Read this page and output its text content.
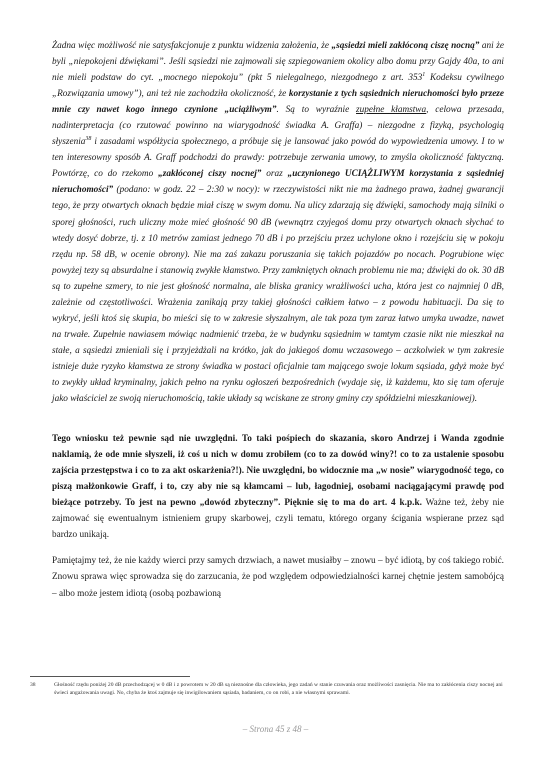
Żadna więc możliwość nie satysfakcjonuje z punktu widzenia założenia, że „sąsiedzi mieli zakłóconą ciszę nocną” ani że byli „niepokojeni dźwiękami”. Jeśli sąsiedzi nie zajmowali się szpiegowaniem okolicy albo domu przy Gajdy 40a, to ani nie mieli podstaw do cyt. „mocnego niepokoju” (pkt 5 nielegalnego, niezgodnego z art. $353^1$ Kodeksu cywilnego „Rozwiązania umowy”), ani też nie zachodziła okoliczność, że korzystanie z tych sąsiednich nieruchomości było przeze mnie czy nawet kogo innego czynione „uciążliwym”. Są to wyraźnie zupełne kłamstwa, celowa przesada, nadinterpretacja (co rzutować powinno na wiarygodność świadka A. Graffa) – niezgodne z fizyką, psychologią słyszenia$^{38}$ i zasadami współżycia społecznego, a próbuje się je lansować jako powód do wypowiedzenia umowy. I to w ten interesowny sposób A. Graff podchodzi do prawdy: potrzebuje zerwania umowy, to zmyśla okoliczność faktyczną. Powtórzę, co do rzekomo „zakłóconej ciszy nocnej” oraz „uczynionego UCIĄŻLIWYM korzystania z sąsiedniej nieruchomości” (podano: w godz. 22 – 2:30 w nocy): w rzeczywistości nikt nie ma żadnego prawa, żadnej gwarancji tego, że przy otwartych oknach będzie miał ciszę w swym domu. Na ulicy zdarzają się dźwięki, samochody mają silniki o sporej głośności, ruch uliczny może mieć głośność 90 dB (wewnątrz czyjegoś domu przy otwartych oknach słychać to wtedy dosyć dobrze, tj. z 10 metrów zamiast jednego 70 dB i po przejściu przez uchylone okno i rozejściu się w pokoju rzędu np. 58 dB, w ocenie obrony). Nie ma zaś zakazu poruszania się takich pojazdów po nocach. Pogrubione więc powyżej tezy są absurdalne i stanowią zwykłe kłamstwo. Przy zamkniętych oknach problemu nie ma; dźwięki do ok. 30 dB są to zupełne szmery, to nie jest głośność normalna, ale bliska granicy wrażliwości ucha, która jest co najmniej 0 dB, zależnie od częstotliwości. Wrażenia zanikają przy takiej głośności całkiem łatwo – z powodu habituacji. Da się to wykryć, jeśli ktoś się skupia, bo mieści się to w zakresie słyszalnym, ale tak poza tym zaraz łatwo umyka uwadze, nawet na trwałe. Zupełnie nawiasem mówiąc nadmienić trzeba, że w budynku sąsiednim w tamtym czasie nikt nie mieszkał na stałe, a sąsiedzi zmieniali się i przyjeżdżali na krótko, jak do jakiegoś domu wczasowego – aczkolwiek w tym zakresie istnieje duże ryzyko kłamstwa ze strony świadka w postaci oficjalnie tam mającego swoje lokum sąsiada, gdyż może być to zwykły układ kryminalny, jakich pełno na rynku ogłoszeń bezpośrednich (wydaje się, iż każdemu, kto się tam oferuje jako właściciel ze swoją nieruchomością, takie układy są wciskane ze strony gminy czy spółdzielni mieszkaniowej).

Tego wniosku też pewnie sąd nie uwzględni. To taki pośpiech do skazania, skoro Andrzej i Wanda zgodnie naklamią, że ode mnie słyszeli, iż coś u nich w domu zrobiłem (co to za dowód winy?! co to za ustalenie sposobu zajścia przestępstwa i co to za akt oskarżenia?!). Nie uwzględni, bo widocznie ma „w nosie” wiarygodność tego, co piszą małżonkowie Graff, i to, czy aby nie są kłamcami – lub, łagodniej, osobami naciągającymi prawdę pod bieżące potrzeby. To jest na pewno „dowód zbyteczny”. Pięknie się to ma do art. 4 k.p.k. Ważne też, żeby nie zajmować się ewentualnym istnieniem grupy skarbowej, czyli tematu, którego organy ścigania wspierane przez sąd bardzo unikają.

Pamiętajmy też, że nie każdy wierci przy samych drzwiach, a nawet musiałby – znowu – być idiotą, by coś takiego robić. Znowu sprawa więc sprowadza się do zarzucania, że pod względem odpowiedzialności karnej chętnie jestem samobójcą – albo może jestem idiotą (osobą pozbawioną

38	Głośność rzędu poniżej 20 dB przechodzącej w 0 dB i z powrotem w 20 dB są nieznośne dla człowieka, jego zadań w stanie czuwania oraz możliwości zasnięcia. Nie ma to zakłócenia ciszy nocnej ani świeci angażowania uwagi. No, chyba że ktoś zajmuje się inwigilowaniem sąsiada, badaniem, co on robi, a nie własnymi sprawami.
– Strona 45 z 48 –
